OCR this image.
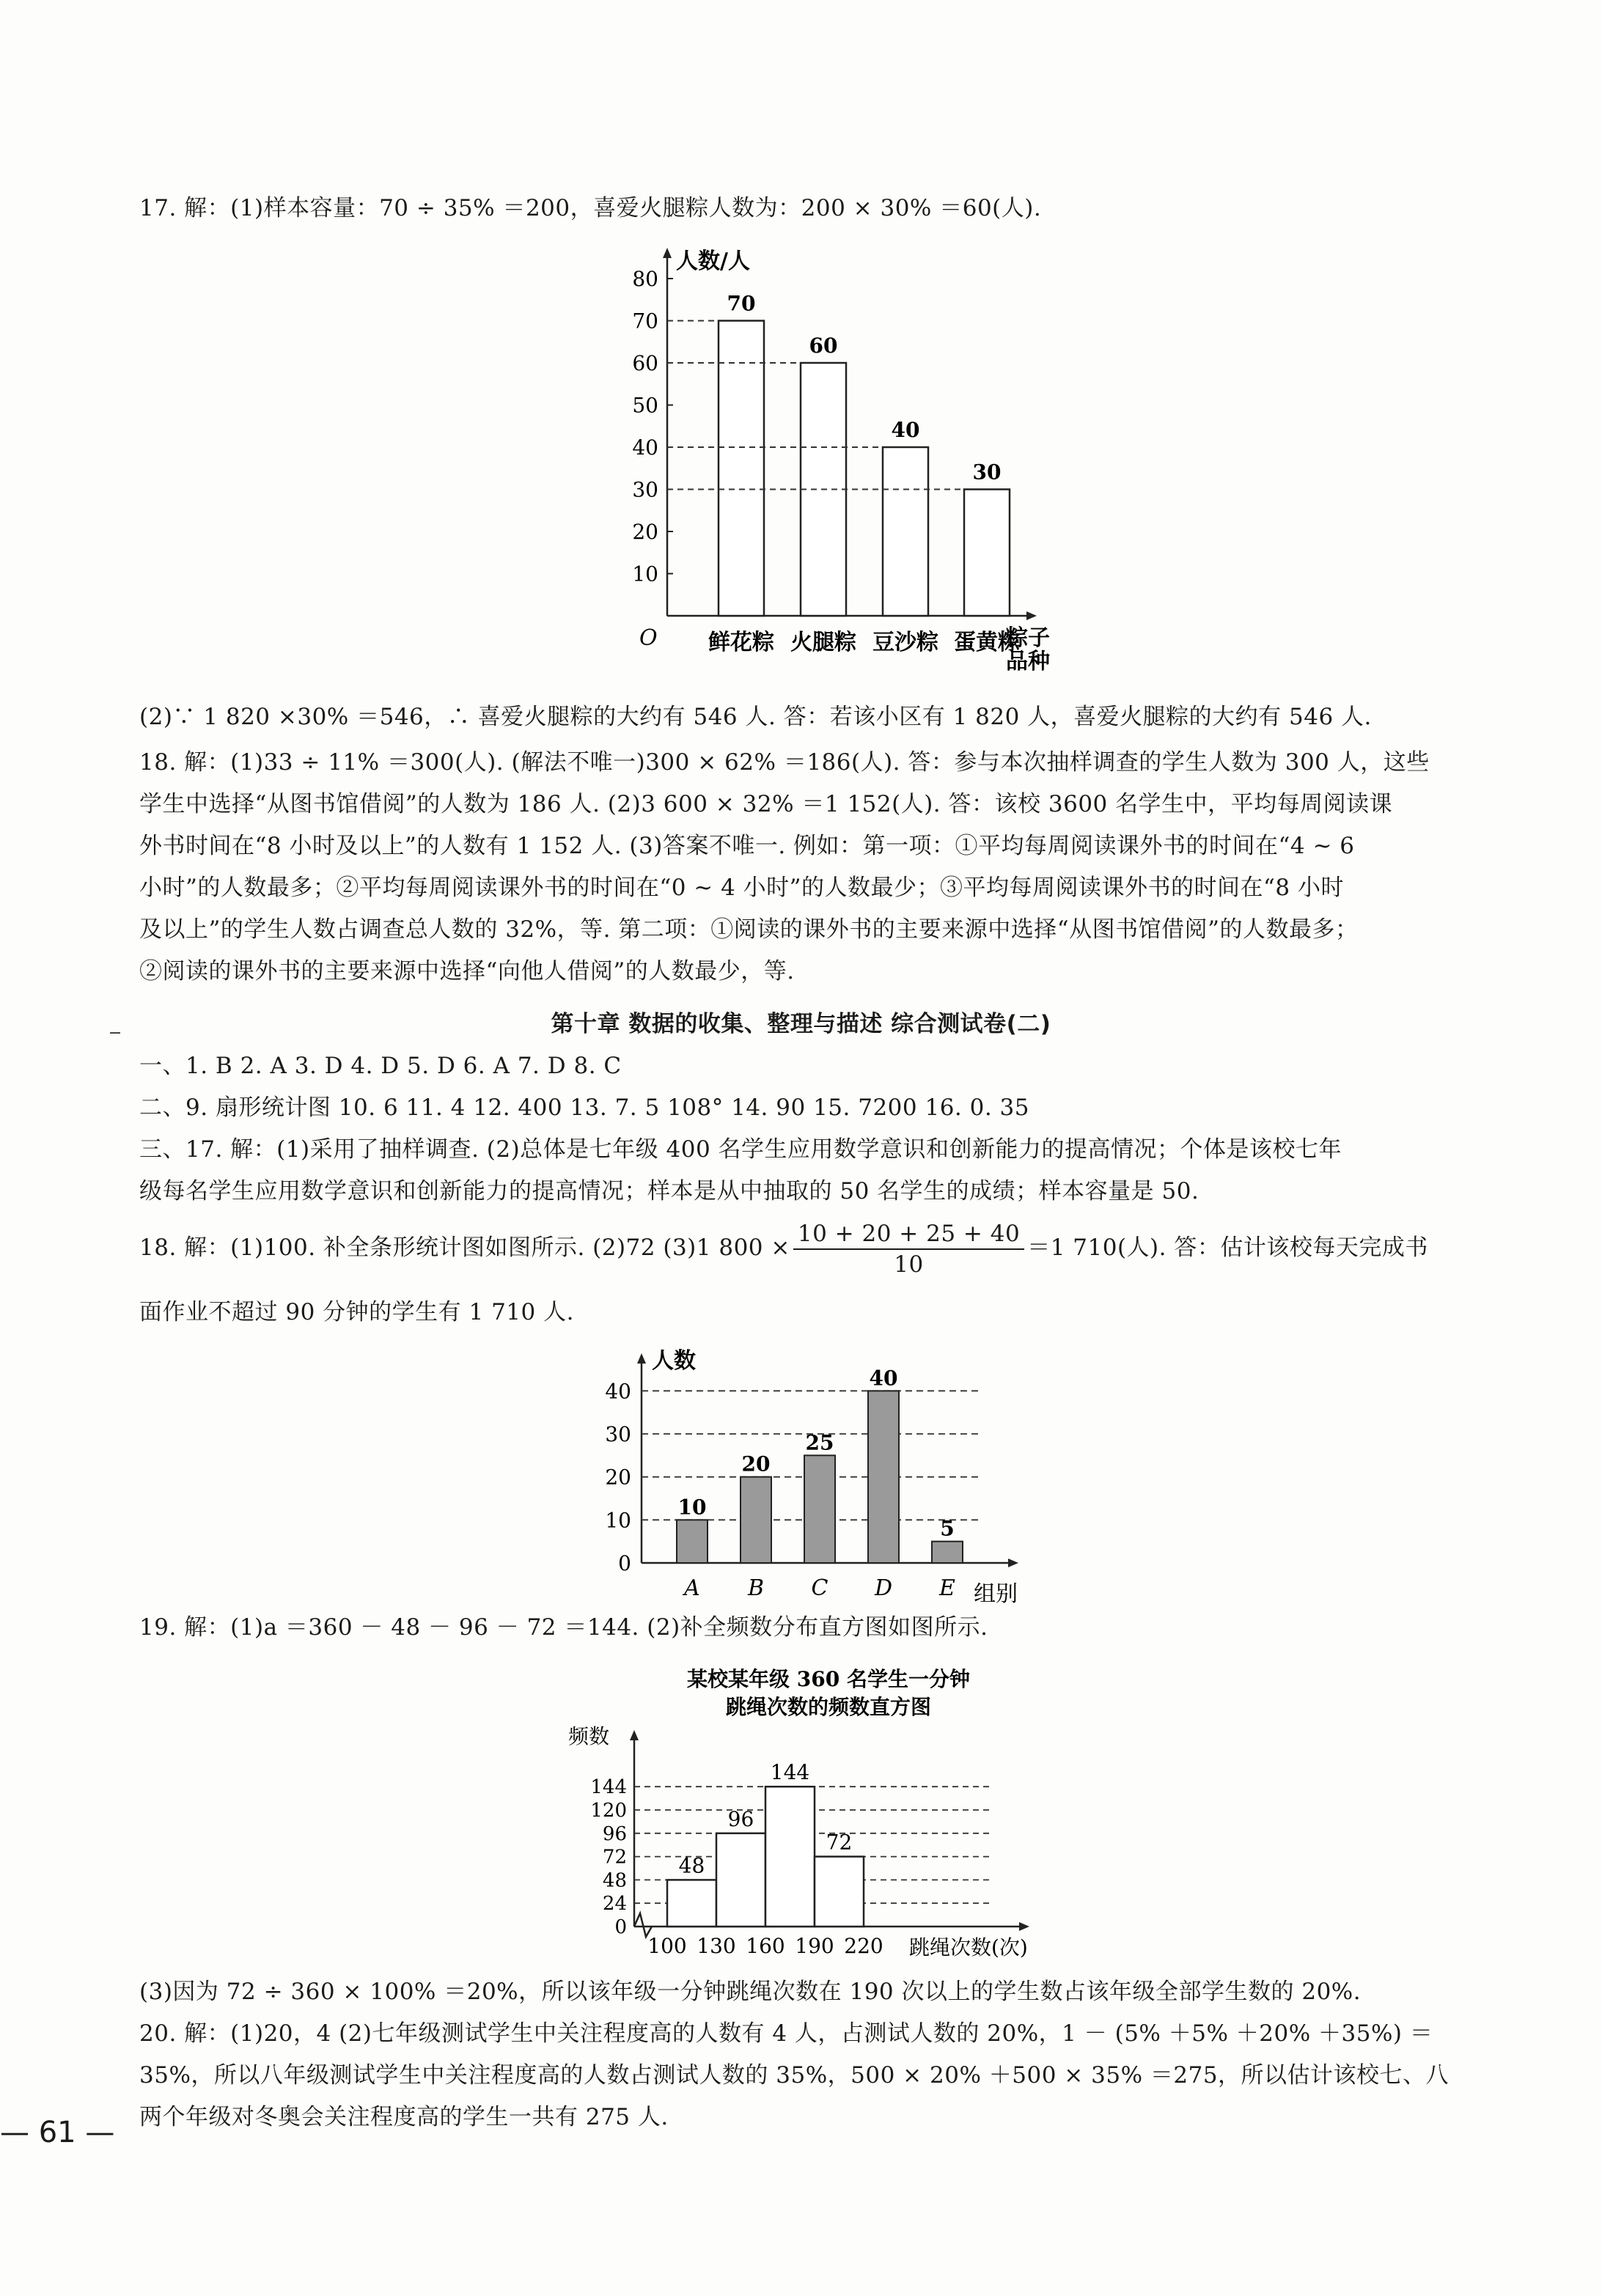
17. 解：(1)样本容量：70 ÷ 35% ＝200，喜爱火腿粽人数为：200 × 30% ＝60(人).
人数/人
10
20
30
40
50
60
70
80
O
70
鲜花粽
60
火腿粽
40
豆沙粽
30
蛋黄粽
粽子
品种
(2)∵ 1 820 ×30% ＝546，∴ 喜爱火腿粽的大约有 546 人. 答：若该小区有 1 820 人，喜爱火腿粽的大约有 546 人.
18. 解：(1)33 ÷ 11% ＝300(人). (解法不唯一)300 × 62% ＝186(人). 答：参与本次抽样调查的学生人数为 300 人，这些
学生中选择“从图书馆借阅”的人数为 186 人. (2)3 600 × 32% ＝1 152(人). 答：该校 3600 名学生中，平均每周阅读课
外书时间在“8 小时及以上”的人数有 1 152 人. (3)答案不唯一. 例如：第一项：①平均每周阅读课外书的时间在“4 ~ 6
小时”的人数最多；②平均每周阅读课外书的时间在“0 ~ 4 小时”的人数最少；③平均每周阅读课外书的时间在“8 小时
及以上”的学生人数占调查总人数的 32%，等. 第二项：①阅读的课外书的主要来源中选择“从图书馆借阅”的人数最多；
②阅读的课外书的主要来源中选择“向他人借阅”的人数最少，等.
第十章 数据的收集、整理与描述 综合测试卷(二)
一、1. B 2. A 3. D 4. D 5. D 6. A 7. D 8. C
二、9. 扇形统计图 10. 6 11. 4 12. 400 13. 7. 5 108° 14. 90 15. 7200 16. 0. 35
三、17. 解：(1)采用了抽样调查. (2)总体是七年级 400 名学生应用数学意识和创新能力的提高情况；个体是该校七年
级每名学生应用数学意识和创新能力的提高情况；样本是从中抽取的 50 名学生的成绩；样本容量是 50.
18. 解：(1)100. 补全条形统计图如图所示. (2)72 (3)1 $800 \times \frac{10 + 20 + 25 + 40}{10} =1$ 710(人). 答：估计该校每天完成书
面作业不超过 90 分钟的学生有 1 710 人.
人数
0
10
20
30
40
10
A
20
B
25
C
40
D
5
E 组别
19. 解：(1)a ＝360 － 48 － 96 － 72 ＝144. (2)补全频数分布直方图如图所示.
某校某年级 360 名学生一分钟
跳绳次数的频数直方图
频数
0
24
48
72
96
120
144
48
96
144
72
100 130 160 190 220 跳绳次数(次)
(3)因为 72 ÷ 360 × 100% ＝20%，所以该年级一分钟跳绳次数在 190 次以上的学生数占该年级全部学生数的 20%.
20. 解：(1)20，4 (2)七年级测试学生中关注程度高的人数有 4 人，占测试人数的 20%，1 － (5% ＋5% ＋20% ＋35%) ＝
35%，所以八年级测试学生中关注程度高的人数占测试人数的 35%，500 × 20% ＋500 × 35% ＝275，所以估计该校七、八
两个年级对冬奥会关注程度高的学生一共有 275 人.
— 61 —
